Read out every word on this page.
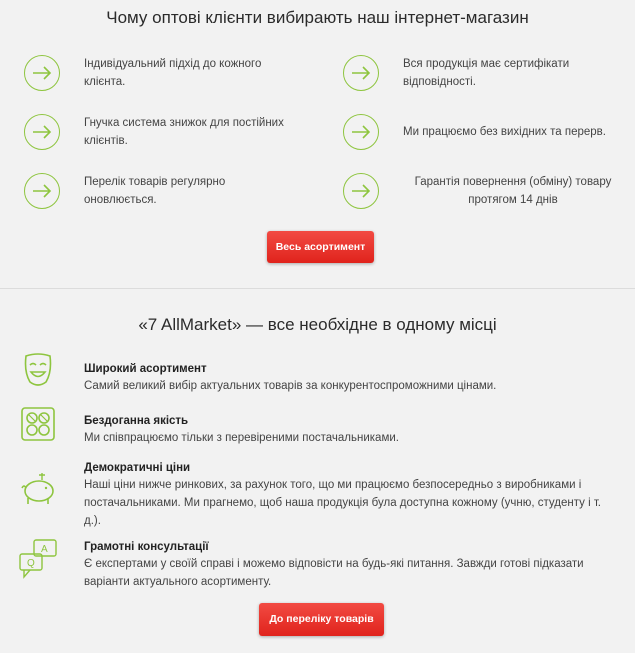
Чому оптові клієнти вибирають наш інтернет-магазин
Індивідуальний підхід до кожного клієнта.
Гнучка система знижок для постійних клієнтів.
Перелік товарів регулярно оновлюється.
Вся продукція має сертифікати відповідності.
Ми працюємо без вихідних та перерв.
Гарантія повернення (обміну) товару протягом 14 днів
Весь асортимент
«7 AllMarket» — все необхідне в одному місці
Широкий асортимент
Самий великий вибір актуальних товарів за конкурентоспроможними цінами.
Бездоганна якість
Ми співпрацюємо тільки з перевіреними постачальниками.
Демократичні ціни
Наші ціни нижче ринкових, за рахунок того, що ми працюємо безпосередньо з виробниками і постачальниками. Ми прагнемо, щоб наша продукція була доступна кожному (учню, студенту і т. д.).
A
Q
Грамотні консультації
Є експертами у своїй справі і можемо відповісти на будь-які питання. Завжди готові підказати варіанти актуального асортименту.
До переліку товарів
